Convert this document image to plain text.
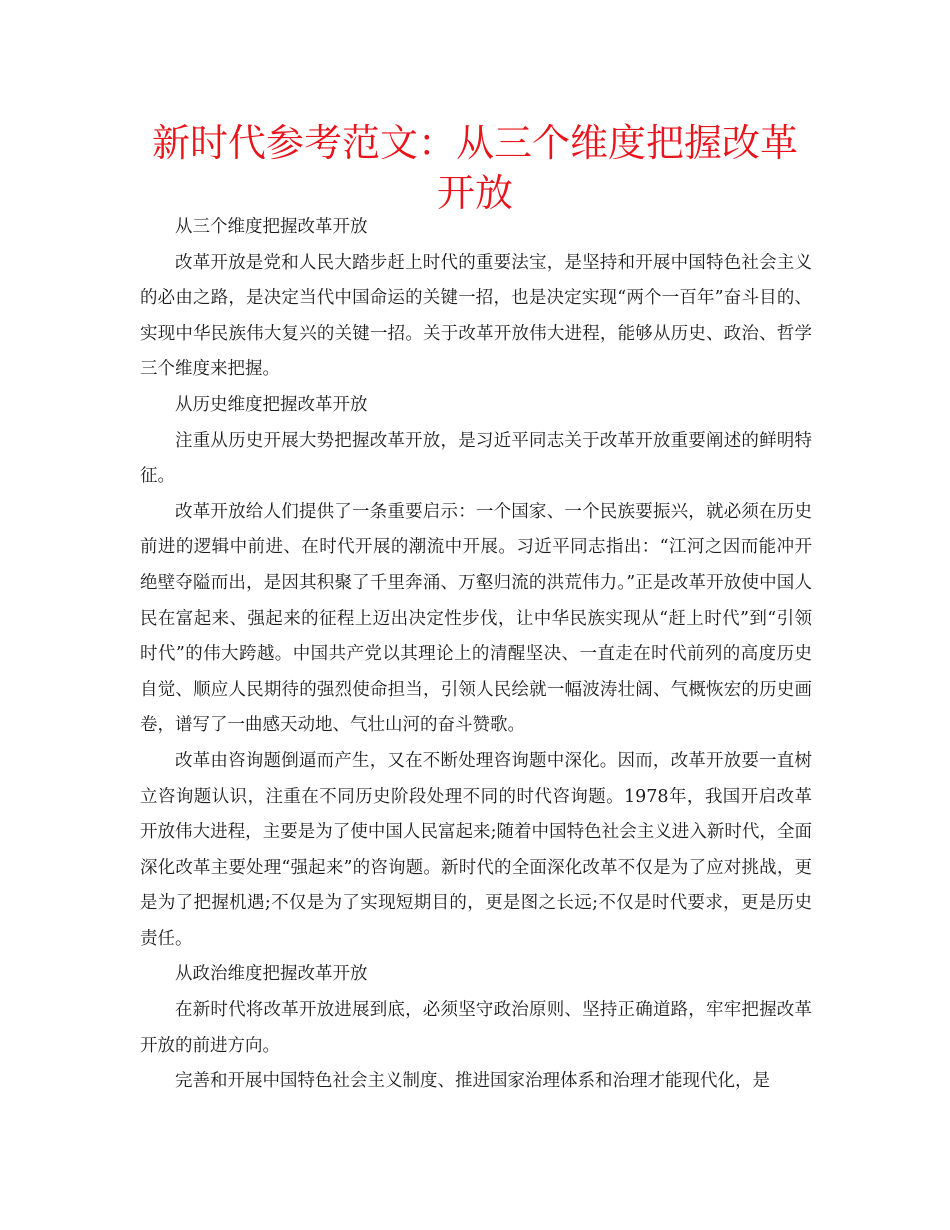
新时代参考范文：从三个维度把握改革开放

从三个维度把握改革开放

改革开放是党和人民大踏步赶上时代的重要法宝，是坚持和开展中国特色社会主义的必由之路，是决定当代中国命运的关键一招，也是决定实现“两个一百年”奋斗目的、实现中华民族伟大复兴的关键一招。关于改革开放伟大进程，能够从历史、政治、哲学三个维度来把握。

从历史维度把握改革开放

注重从历史开展大势把握改革开放，是习近平同志关于改革开放重要阐述的鲜明特征。

改革开放给人们提供了一条重要启示：一个国家、一个民族要振兴，就必须在历史前进的逻辑中前进、在时代开展的潮流中开展。习近平同志指出：“江河之因而能冲开绝壁夺隘而出，是因其积聚了千里奔涌、万壑归流的洪荒伟力。”正是改革开放使中国人民在富起来、强起来的征程上迈出决定性步伐，让中华民族实现从“赶上时代”到“引领时代”的伟大跨越。中国共产党以其理论上的清醒坚决、一直走在时代前列的高度历史自觉、顺应人民期待的强烈使命担当，引领人民绘就一幅波涛壮阔、气概恢宏的历史画卷，谱写了一曲感天动地、气壮山河的奋斗赞歌。

改革由咨询题倒逼而产生，又在不断处理咨询题中深化。因而，改革开放要一直树立咨询题认识，注重在不同历史阶段处理不同的时代咨询题。1978年，我国开启改革开放伟大进程，主要是为了使中国人民富起来;随着中国特色社会主义进入新时代，全面深化改革主要处理“强起来”的咨询题。新时代的全面深化改革不仅是为了应对挑战，更是为了把握机遇;不仅是为了实现短期目的，更是图之长远;不仅是时代要求，更是历史责任。

从政治维度把握改革开放

在新时代将改革开放进展到底，必须坚守政治原则、坚持正确道路，牢牢把握改革开放的前进方向。

完善和开展中国特色社会主义制度、推进国家治理体系和治理才能现代化，是
